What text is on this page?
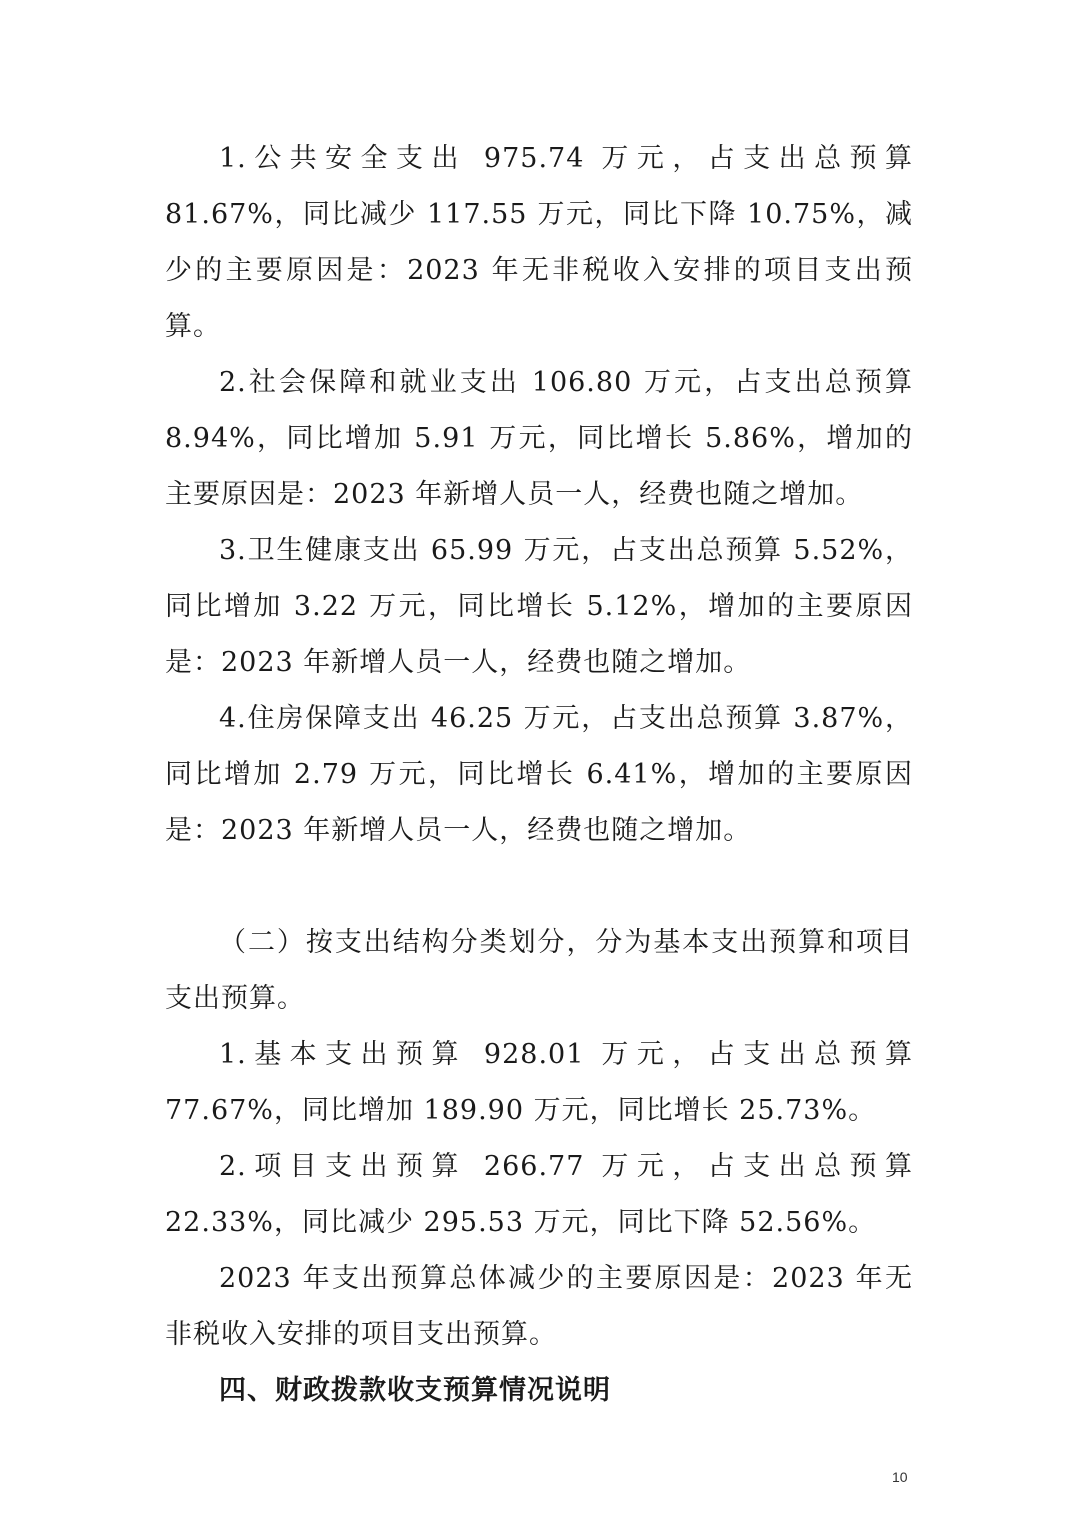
1.公共安全支出 975.74 万元，占支出总预算 81.67%，同比减少 117.55 万元，同比下降 10.75%，减少的主要原因是：2023 年无非税收入安排的项目支出预算。

2.社会保障和就业支出 106.80 万元，占支出总预算 8.94%，同比增加 5.91 万元，同比增长 5.86%，增加的主要原因是：2023 年新增人员一人，经费也随之增加。

3.卫生健康支出 65.99 万元，占支出总预算 5.52%，同比增加 3.22 万元，同比增长 5.12%，增加的主要原因是：2023 年新增人员一人，经费也随之增加。

4.住房保障支出 46.25 万元，占支出总预算 3.87%，同比增加 2.79 万元，同比增长 6.41%，增加的主要原因是：2023 年新增人员一人，经费也随之增加。

（二）按支出结构分类划分，分为基本支出预算和项目支出预算。

1.基本支出预算 928.01 万元，占支出总预算 77.67%，同比增加 189.90 万元，同比增长 25.73%。

2.项目支出预算 266.77 万元，占支出总预算 22.33%，同比减少 295.53 万元，同比下降 52.56%。

2023 年支出预算总体减少的主要原因是：2023 年无非税收入安排的项目支出预算。

四、财政拨款收支预算情况说明
10
